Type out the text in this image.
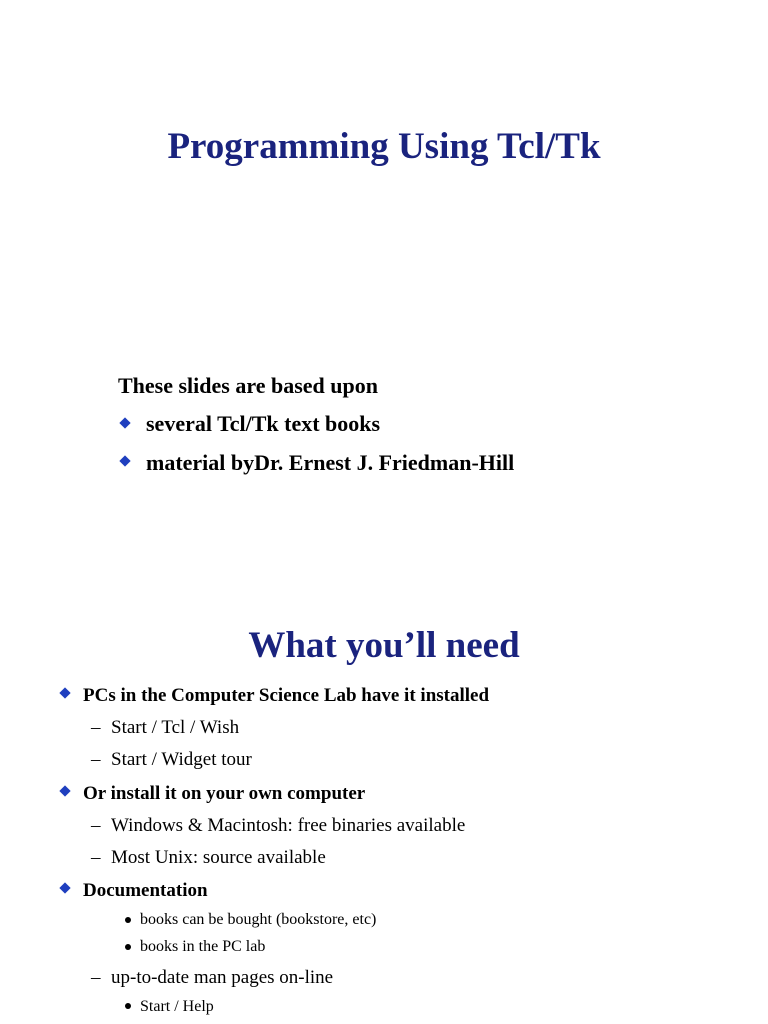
Programming Using Tcl/Tk
These slides are based upon
several Tcl/Tk text books
material byDr. Ernest J. Friedman-Hill
What you’ll need
PCs in the Computer Science Lab have it installed
– Start / Tcl / Wish
– Start / Widget tour
Or install it on your own computer
– Windows & Macintosh: free binaries available
– Most Unix: source available
Documentation
books can be bought (bookstore, etc)
books in the PC lab
– up-to-date man pages on-line
Start / Help
